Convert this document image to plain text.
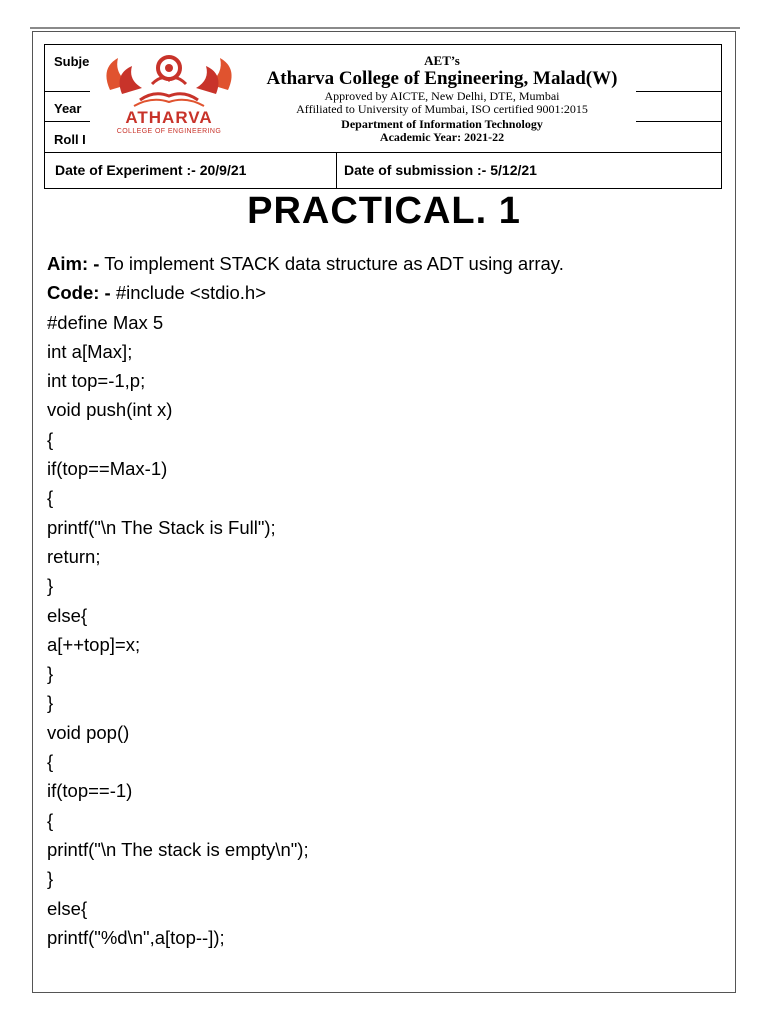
Subje
Year
Roll I
ATHARVA
COLLEGE OF ENGINEERING
AET’s
Atharva College of Engineering, Malad(W)
Approved by AICTE, New Delhi, DTE, Mumbai
Affiliated to University of Mumbai, ISO certified 9001:2015
Department of Information Technology
Academic Year: 2021-22
Date of Experiment :- 20/9/21	Date of submission :- 5/12/21
PRACTICAL. 1
Aim: - To implement STACK data structure as ADT using array.
Code: - #include <stdio.h>
#define Max 5
int a[Max];
int top=-1,p;
void push(int x)
{
if(top==Max-1)
{
printf("\n The Stack is Full");
return;
}
else{
a[++top]=x;
}
}
void pop()
{
if(top==-1)
{
printf("\n The stack is empty\n");
}
else{
printf("%d\n",a[top--]);
